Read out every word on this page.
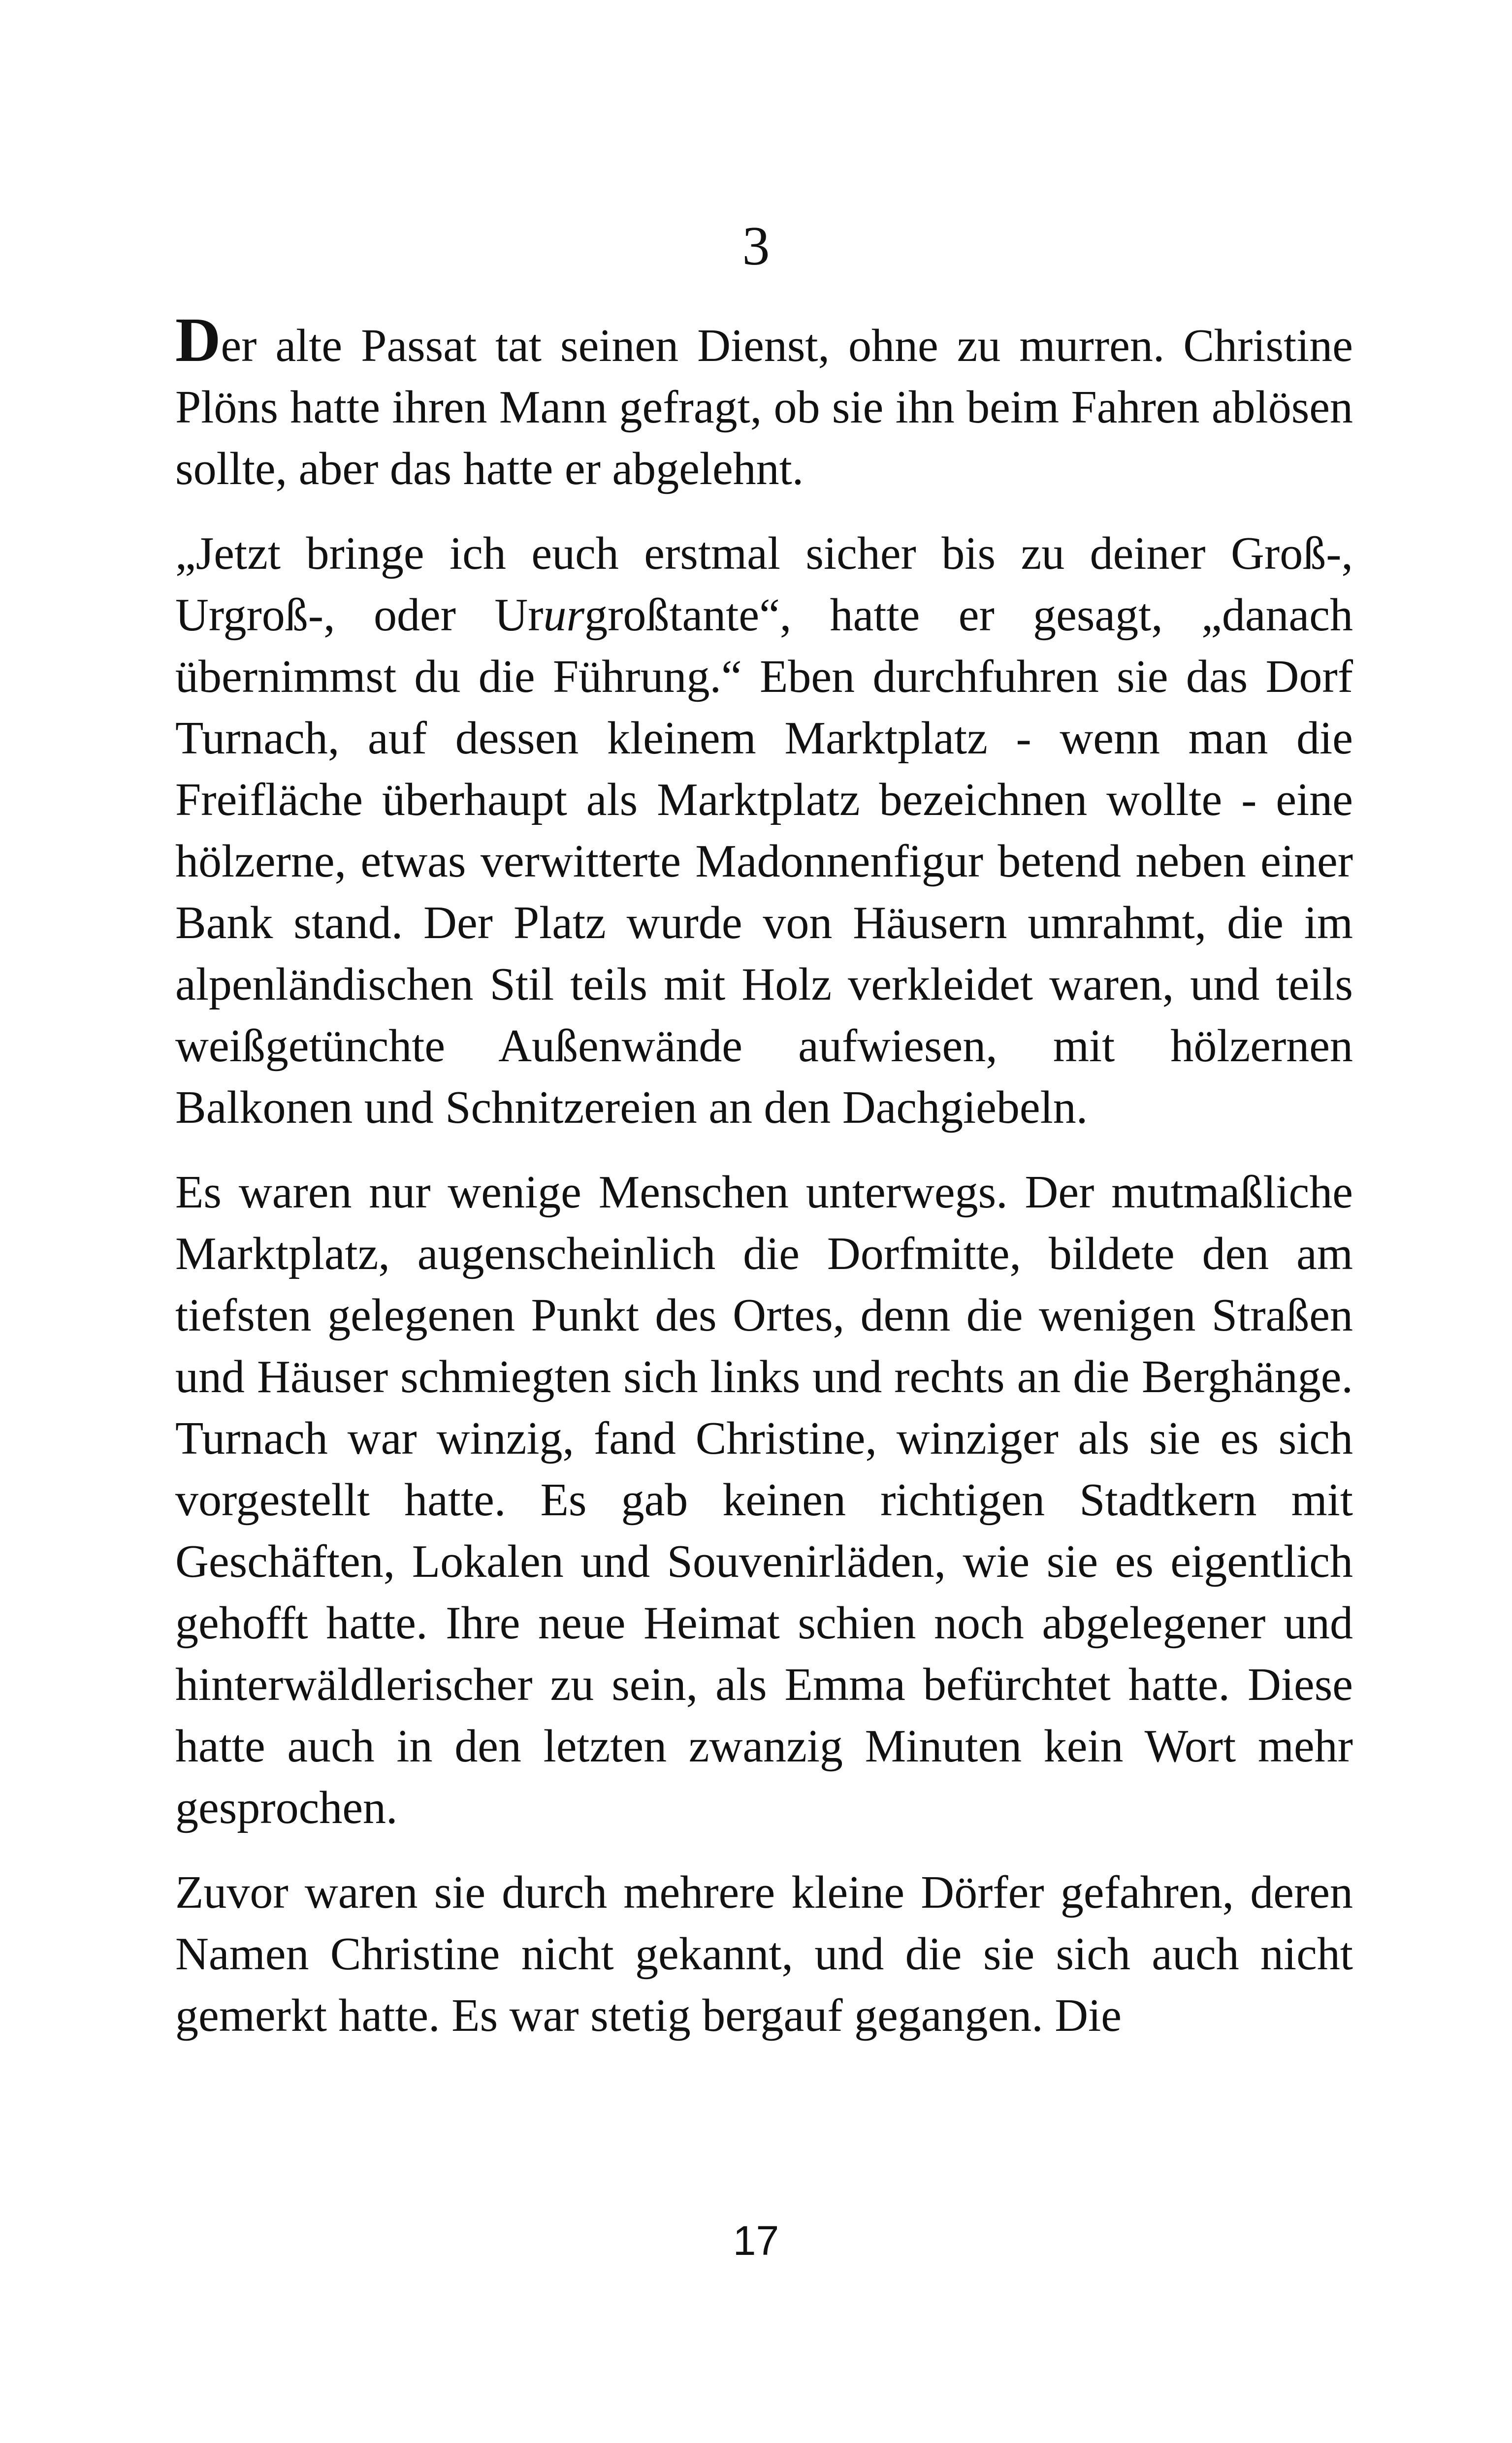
3

Der alte Passat tat seinen Dienst, ohne zu murren. Christine Plöns hatte ihren Mann gefragt, ob sie ihn beim Fahren ablösen sollte, aber das hatte er abgelehnt.

„Jetzt bringe ich euch erstmal sicher bis zu deiner Groß-, Urgroß-, oder Ururgroßtante“, hatte er gesagt, „danach übernimmst du die Führung.“ Eben durchfuhren sie das Dorf Turnach, auf dessen kleinem Marktplatz - wenn man die Freifläche überhaupt als Marktplatz bezeichnen wollte - eine hölzerne, etwas verwitterte Madonnenfigur betend neben einer Bank stand. Der Platz wurde von Häusern umrahmt, die im alpenländischen Stil teils mit Holz verkleidet waren, und teils weißgetünchte Außenwände aufwiesen, mit hölzernen Balkonen und Schnitzereien an den Dachgiebeln.

Es waren nur wenige Menschen unterwegs. Der mutmaßliche Marktplatz, augenscheinlich die Dorfmitte, bildete den am tiefsten gelegenen Punkt des Ortes, denn die wenigen Straßen und Häuser schmiegten sich links und rechts an die Berghänge. Turnach war winzig, fand Christine, winziger als sie es sich vorgestellt hatte. Es gab keinen richtigen Stadtkern mit Geschäften, Lokalen und Souvenirläden, wie sie es eigentlich gehofft hatte. Ihre neue Heimat schien noch abgelegener und hinterwäldlerischer zu sein, als Emma befürchtet hatte. Diese hatte auch in den letzten zwanzig Minuten kein Wort mehr gesprochen.

Zuvor waren sie durch mehrere kleine Dörfer gefahren, deren Namen Christine nicht gekannt, und die sie sich auch nicht gemerkt hatte. Es war stetig bergauf gegangen. Die

17
